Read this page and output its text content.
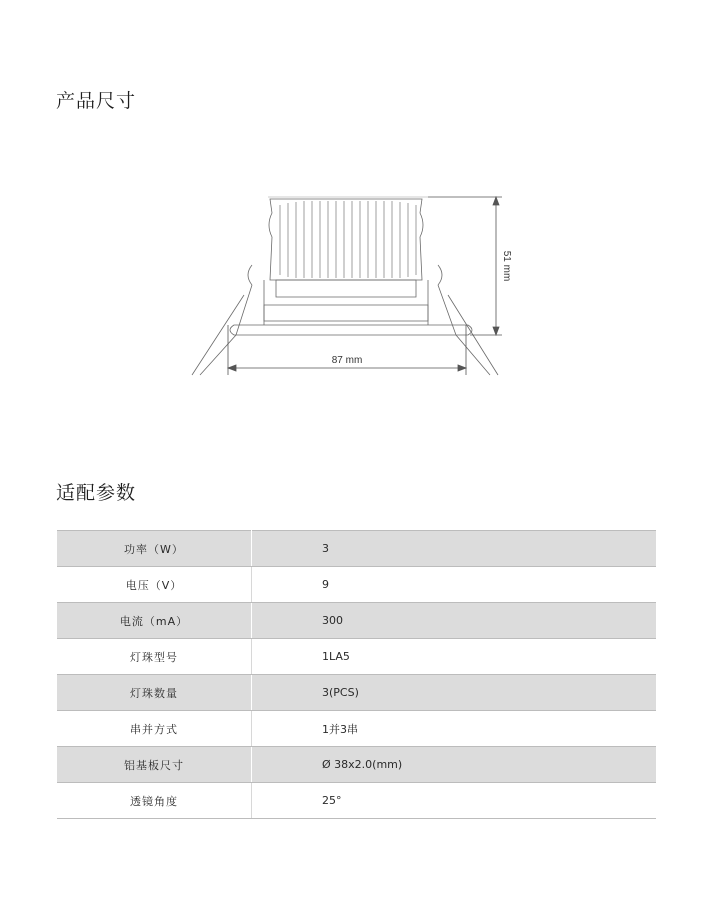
产品尺寸
87 mm
51 mm
适配参数
功率（W）	3
电压（V）	9
电流（mA）	300
灯珠型号	1LA5
灯珠数量	3(PCS)
串并方式	1并3串
铝基板尺寸	Ø 38x2.0(mm)
透镜角度	25°
